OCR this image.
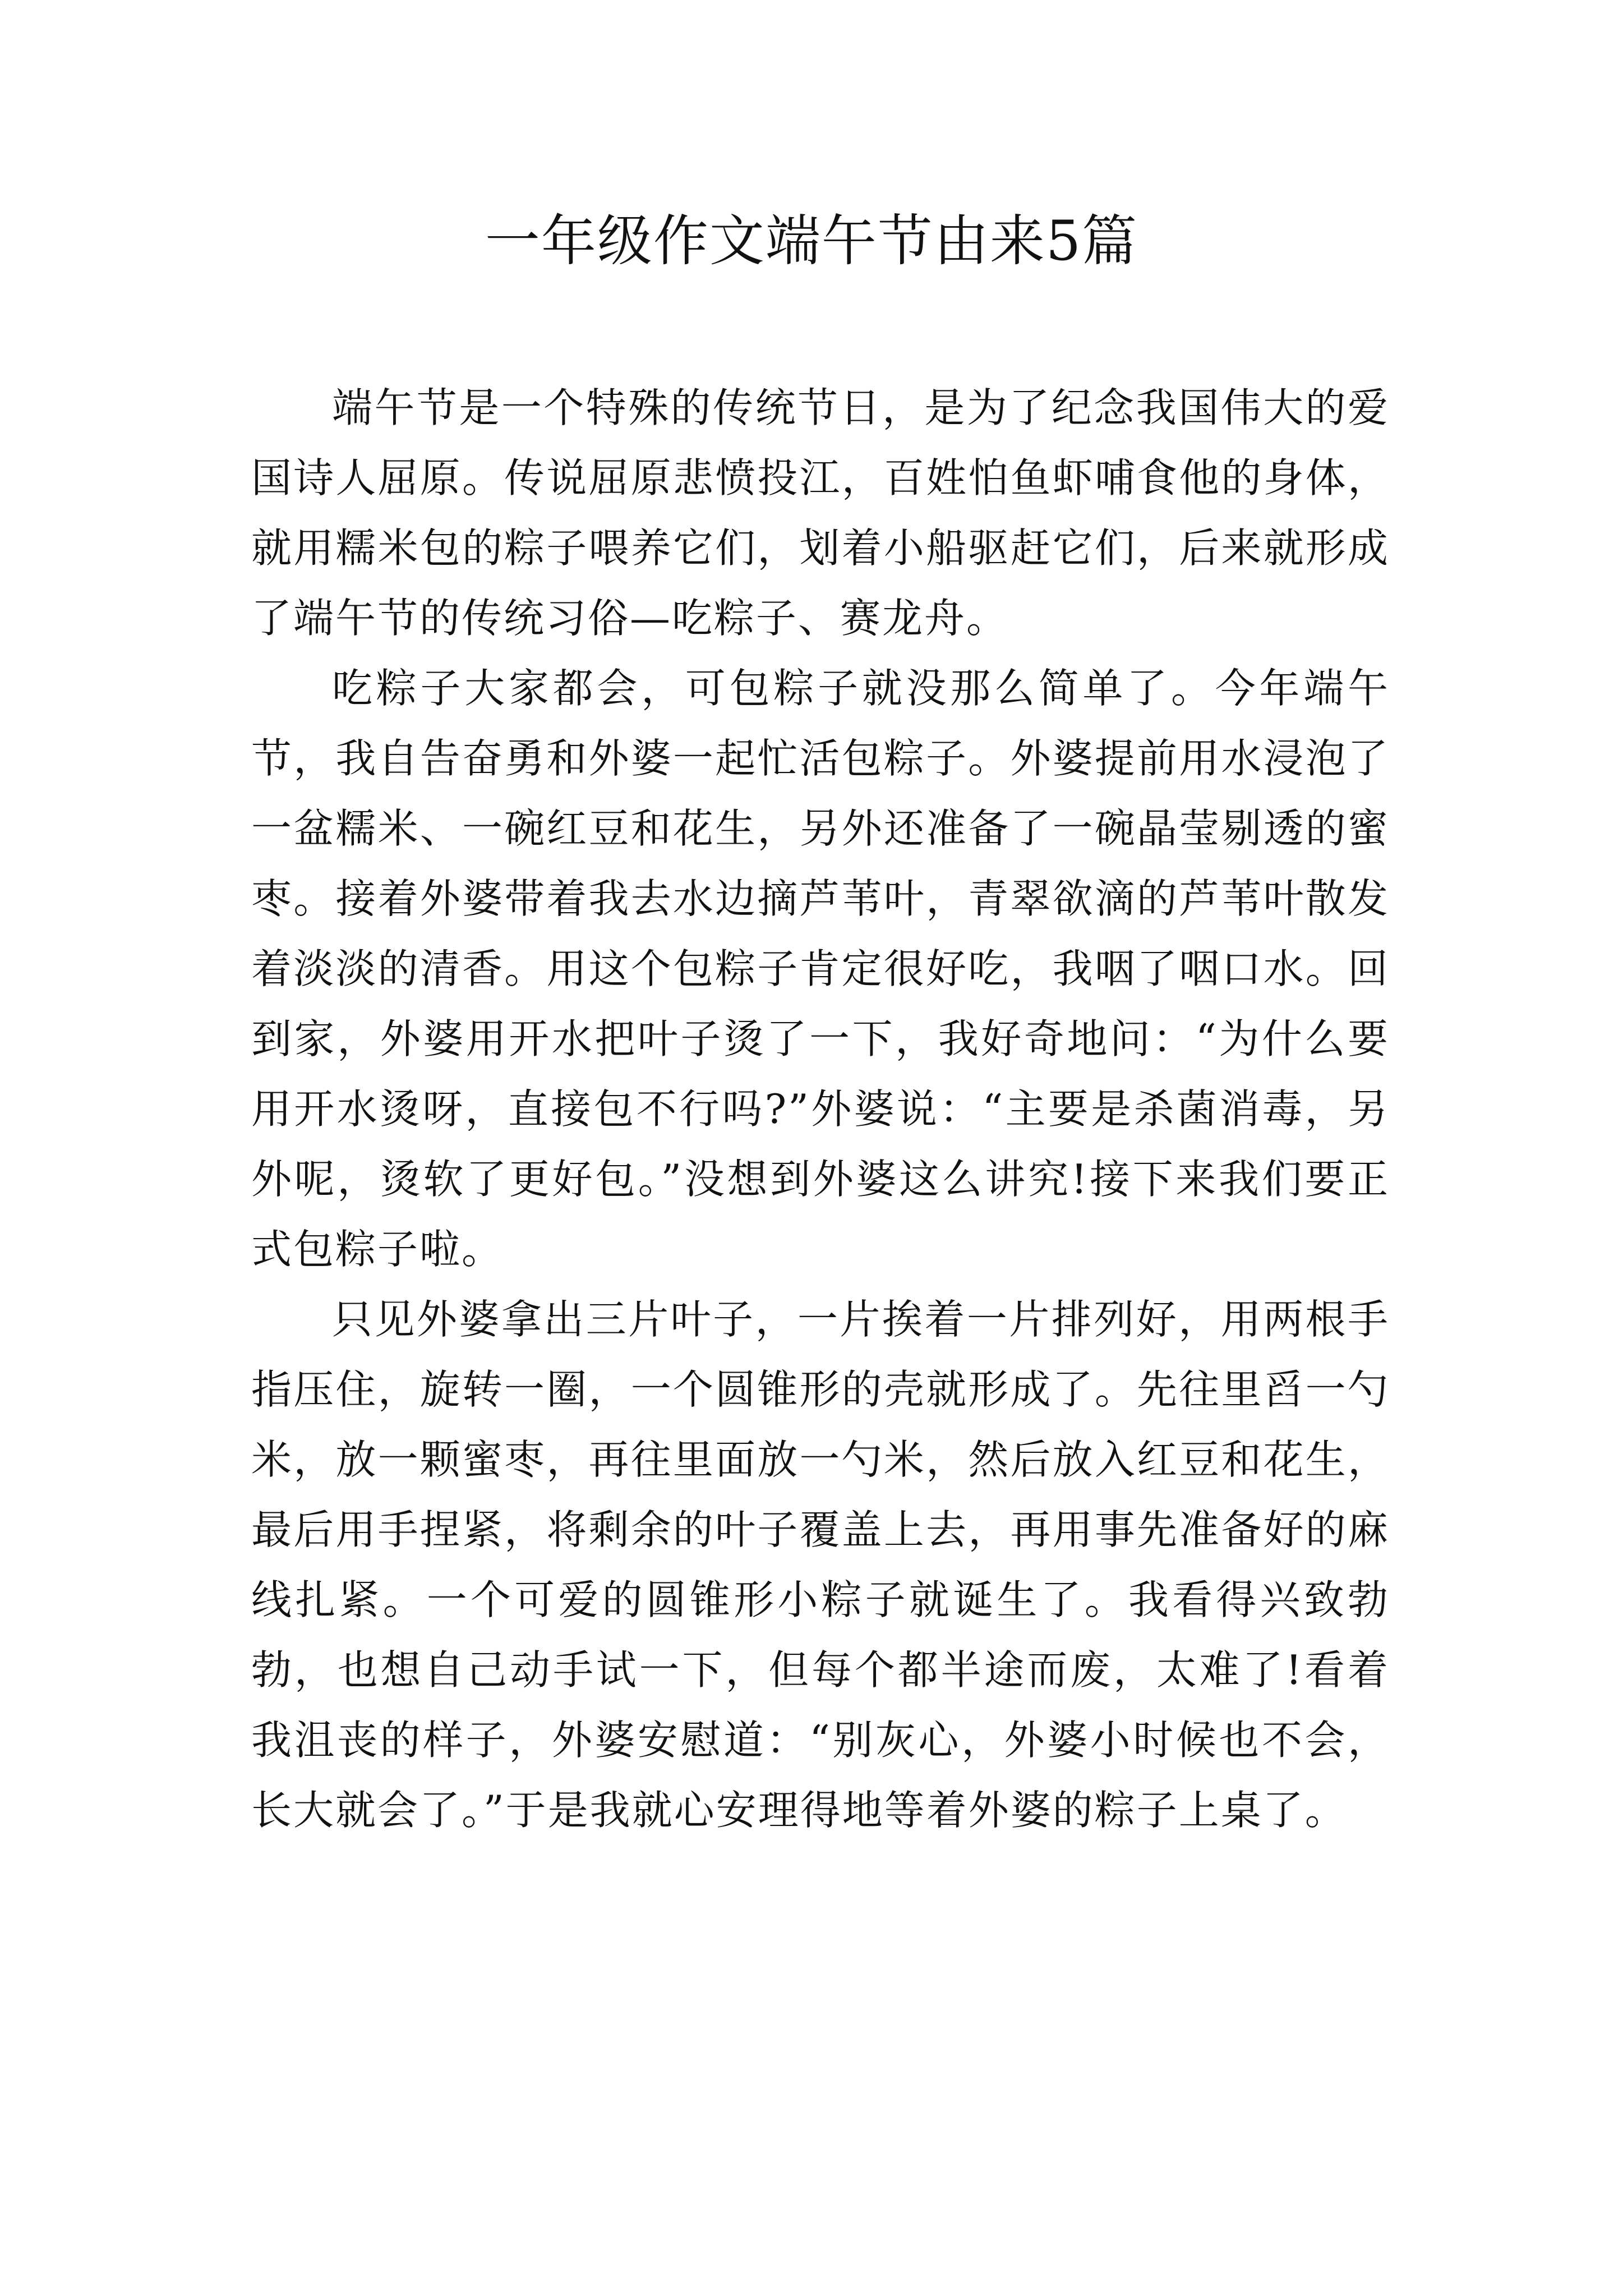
一年级作文端午节由来5篇

端午节是一个特殊的传统节日，是为了纪念我国伟大的爱国诗人屈原。传说屈原悲愤投江，百姓怕鱼虾哺食他的身体，就用糯米包的粽子喂养它们，划着小船驱赶它们，后来就形成了端午节的传统习俗—吃粽子、赛龙舟。

吃粽子大家都会，可包粽子就没那么简单了。今年端午节，我自告奋勇和外婆一起忙活包粽子。外婆提前用水浸泡了一盆糯米、一碗红豆和花生，另外还准备了一碗晶莹剔透的蜜枣。接着外婆带着我去水边摘芦苇叶，青翠欲滴的芦苇叶散发着淡淡的清香。用这个包粽子肯定很好吃，我咽了咽口水。回到家，外婆用开水把叶子烫了一下，我好奇地问：“为什么要用开水烫呀，直接包不行吗?”外婆说：“主要是杀菌消毒，另外呢，烫软了更好包。”没想到外婆这么讲究!接下来我们要正式包粽子啦。

只见外婆拿出三片叶子，一片挨着一片排列好，用两根手指压住，旋转一圈，一个圆锥形的壳就形成了。先往里舀一勺米，放一颗蜜枣，再往里面放一勺米，然后放入红豆和花生，最后用手捏紧，将剩余的叶子覆盖上去，再用事先准备好的麻线扎紧。一个可爱的圆锥形小粽子就诞生了。我看得兴致勃勃，也想自己动手试一下，但每个都半途而废，太难了!看着我沮丧的样子，外婆安慰道：“别灰心，外婆小时候也不会，长大就会了。”于是我就心安理得地等着外婆的粽子上桌了。
